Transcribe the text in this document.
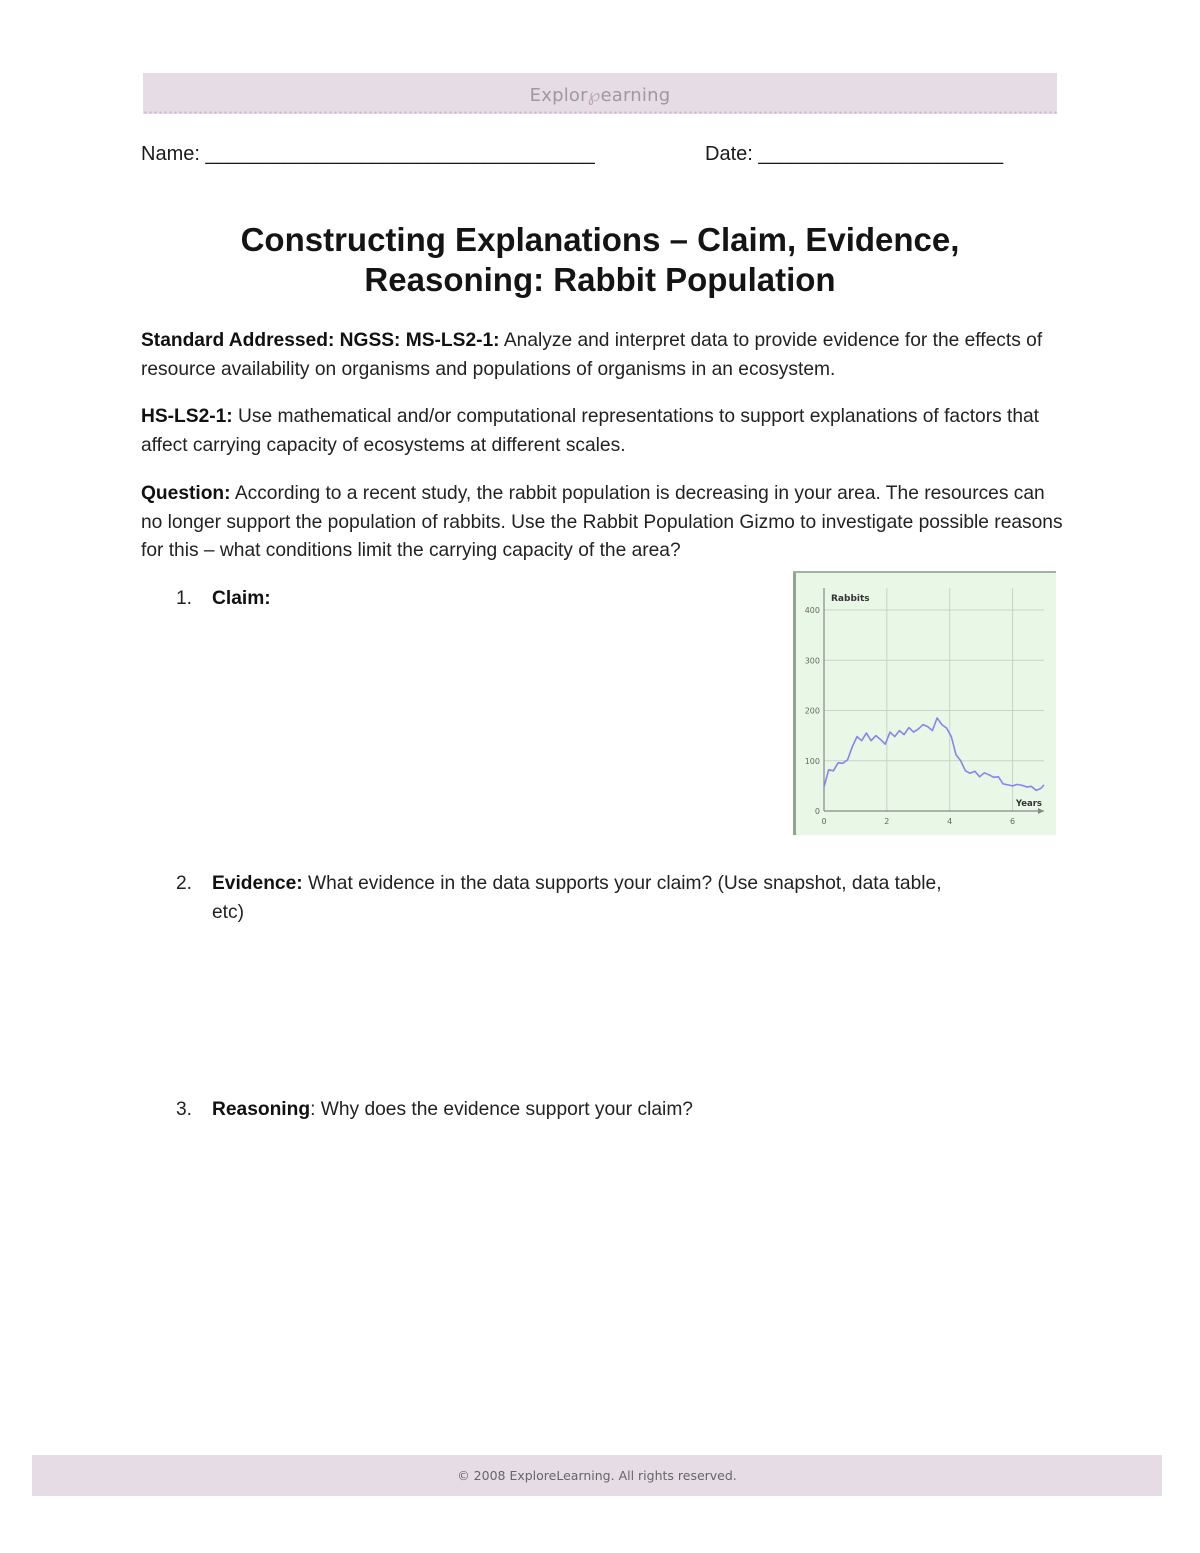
Explor℘earning
Name: ___________________________________	Date: ______________________
Constructing Explanations – Claim, Evidence,
Reasoning: Rabbit Population
Standard Addressed: NGSS: MS-LS2-1: Analyze and interpret data to provide evidence for the effects of resource availability on organisms and populations of organisms in an ecosystem.
HS-LS2-1: Use mathematical and/or computational representations to support explanations of factors that affect carrying capacity of ecosystems at different scales.
Question: According to a recent study, the rabbit population is decreasing in your area. The resources can no longer support the population of rabbits. Use the Rabbit Population Gizmo to investigate possible reasons for this – what conditions limit the carrying capacity of the area?
1. Claim:
2. Evidence: What evidence in the data supports your claim? (Use snapshot, data table,
etc)
3. Reasoning: Why does the evidence support your claim?
0
100
200
300
400
0	2	4	6
Rabbits
Years
© 2008 ExploreLearning. All rights reserved.
